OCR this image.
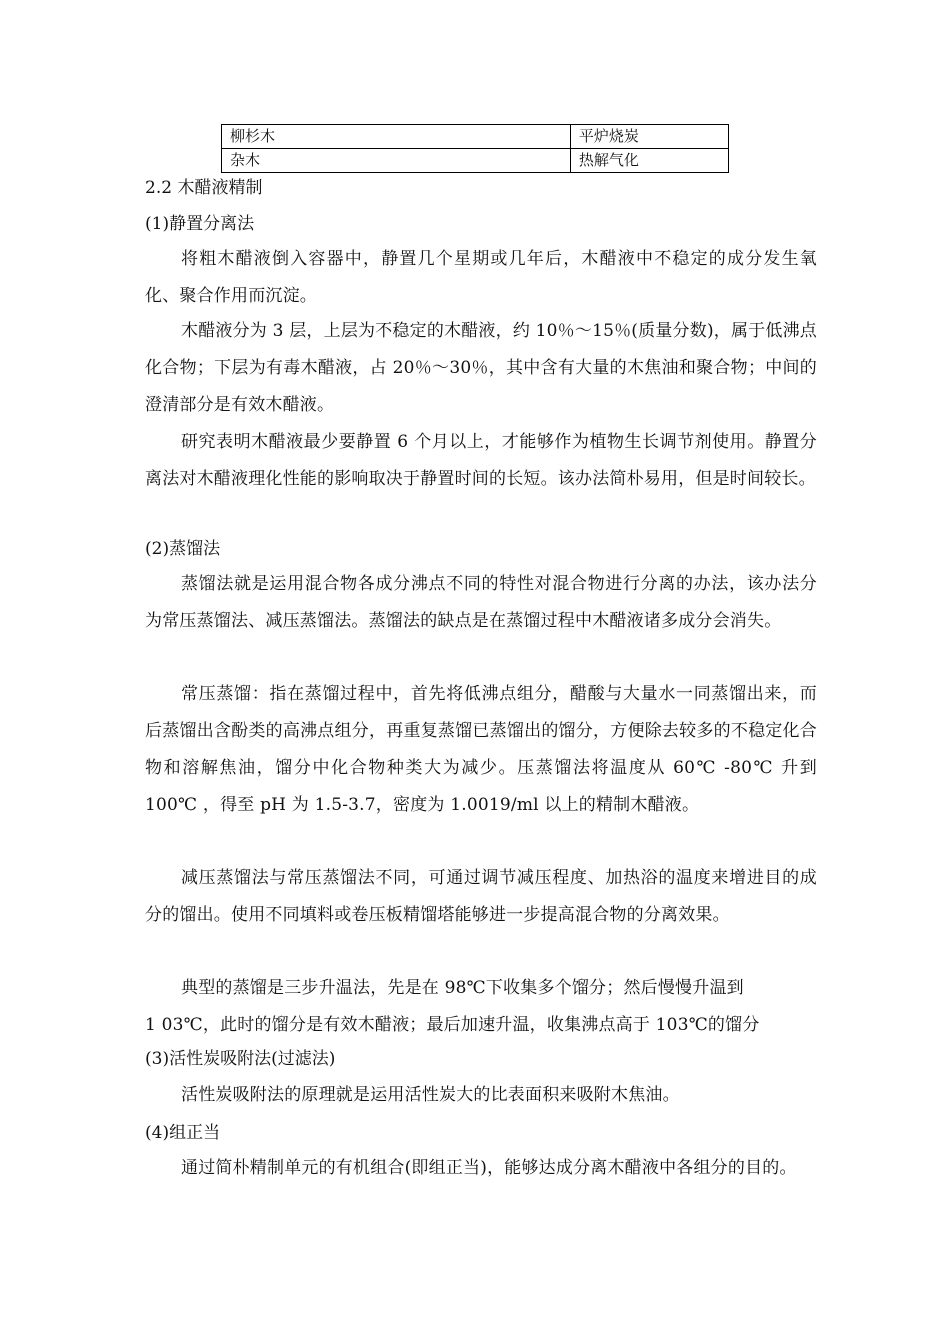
柳杉木	平炉烧炭
杂木	热解气化
2.2 木醋液精制
(1)静置分离法
将粗木醋液倒入容器中，静置几个星期或几年后，木醋液中不稳定的成分发生氧化、聚合作用而沉淀。
木醋液分为 3 层，上层为不稳定的木醋液，约 10％～15％(质量分数)，属于低沸点化合物；下层为有毒木醋液，占 20％～30％，其中含有大量的木焦油和聚合物；中间的澄清部分是有效木醋液。
研究表明木醋液最少要静置 6 个月以上，才能够作为植物生长调节剂使用。静置分离法对木醋液理化性能的影响取决于静置时间的长短。该办法简朴易用，但是时间较长。
(2)蒸馏法
蒸馏法就是运用混合物各成分沸点不同的特性对混合物进行分离的办法，该办法分为常压蒸馏法、减压蒸馏法。蒸馏法的缺点是在蒸馏过程中木醋液诸多成分会消失。
常压蒸馏：指在蒸馏过程中，首先将低沸点组分，醋酸与大量水一同蒸馏出来，而后蒸馏出含酚类的高沸点组分，再重复蒸馏已蒸馏出的馏分，方便除去较多的不稳定化合物和溶解焦油，馏分中化合物种类大为减少。压蒸馏法将温度从 60℃ -80℃ 升到 100℃ ，得至 pH 为 1.5-3.7，密度为 1.0019/ml 以上的精制木醋液。
减压蒸馏法与常压蒸馏法不同，可通过调节减压程度、加热浴的温度来增进目的成分的馏出。使用不同填料或卷压板精馏塔能够进一步提高混合物的分离效果。
典型的蒸馏是三步升温法，先是在 98℃下收集多个馏分；然后慢慢升温到
1 03℃，此时的馏分是有效木醋液；最后加速升温，收集沸点高于 103℃的馏分
(3)活性炭吸附法(过滤法)
活性炭吸附法的原理就是运用活性炭大的比表面积来吸附木焦油。
(4)组正当
通过简朴精制单元的有机组合(即组正当)，能够达成分离木醋液中各组分的目的。
